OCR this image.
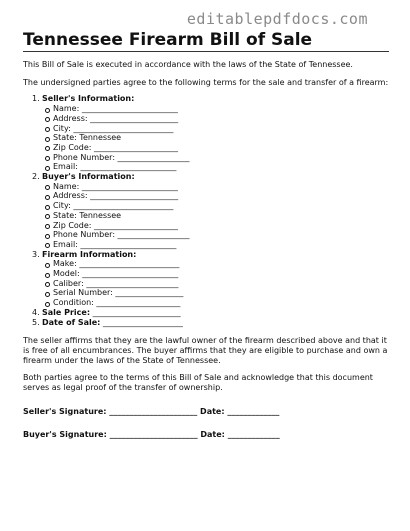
editablepdfdocs.com
Tennessee Firearm Bill of Sale

This Bill of Sale is executed in accordance with the laws of the State of Tennessee.

The undersigned parties agree to the following terms for the sale and transfer of a firearm:

1. Seller's Information:
Name: ________________________
Address: ______________________
City: _________________________
State: Tennessee
Zip Code: _____________________
Phone Number: __________________
Email: ________________________
2. Buyer's Information:
Name: ________________________
Address: ______________________
City: _________________________
State: Tennessee
Zip Code: _____________________
Phone Number: __________________
Email: ________________________
3. Firearm Information:
Make: _________________________
Model: ________________________
Caliber: _______________________
Serial Number: _________________
Condition: _____________________
4. Sale Price: ______________________
5. Date of Sale: ____________________

The seller affirms that they are the lawful owner of the firearm described above and that it is free of all encumbrances. The buyer affirms that they are eligible to purchase and own a firearm under the laws of the State of Tennessee.

Both parties agree to the terms of this Bill of Sale and acknowledge that this document serves as legal proof of the transfer of ownership.

Seller's Signature: ______________________ Date: _____________
Buyer's Signature: ______________________ Date: _____________
